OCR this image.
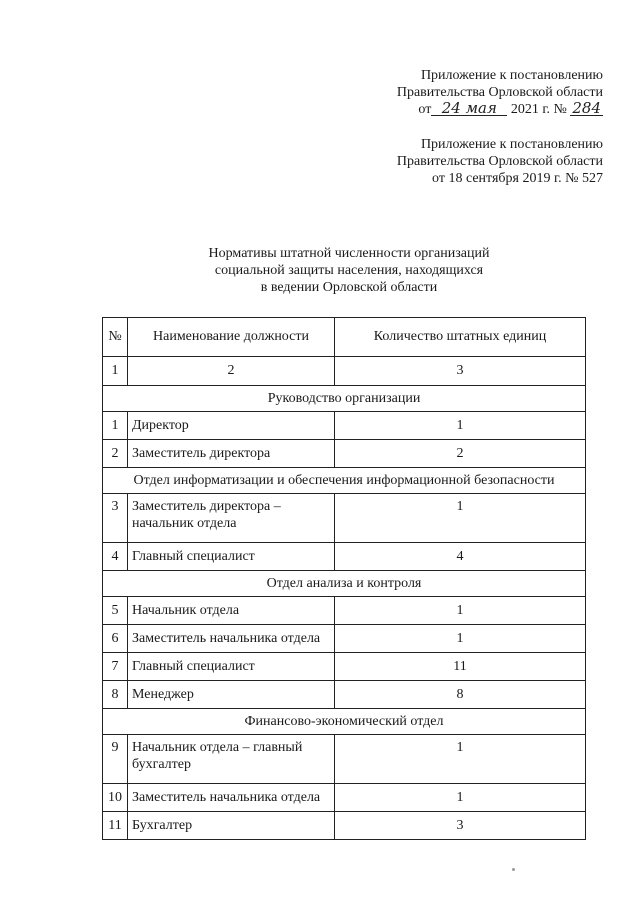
Приложение к постановлению
Правительства Орловской области
от 24 мая 2021 г. № 284
Приложение к постановлению
Правительства Орловской области
от 18 сентября 2019 г. № 527
Нормативы штатной численности организаций
социальной защиты населения, находящихся
в ведении Орловской области
№	Наименование должности	Количество штатных единиц
1	2	3
Руководство организации		
1	Директор	1
2	Заместитель директора	2
Отдел информатизации и обеспечения информационной безопасности		
3	Заместитель директора – начальник отдела	1
4	Главный специалист	4
Отдел анализа и контроля		
5	Начальник отдела	1
6	Заместитель начальника отдела	1
7	Главный специалист	11
8	Менеджер	8
Финансово-экономический отдел		
9	Начальник отдела – главный бухгалтер	1
10	Заместитель начальника отдела	1
11	Бухгалтер	3
